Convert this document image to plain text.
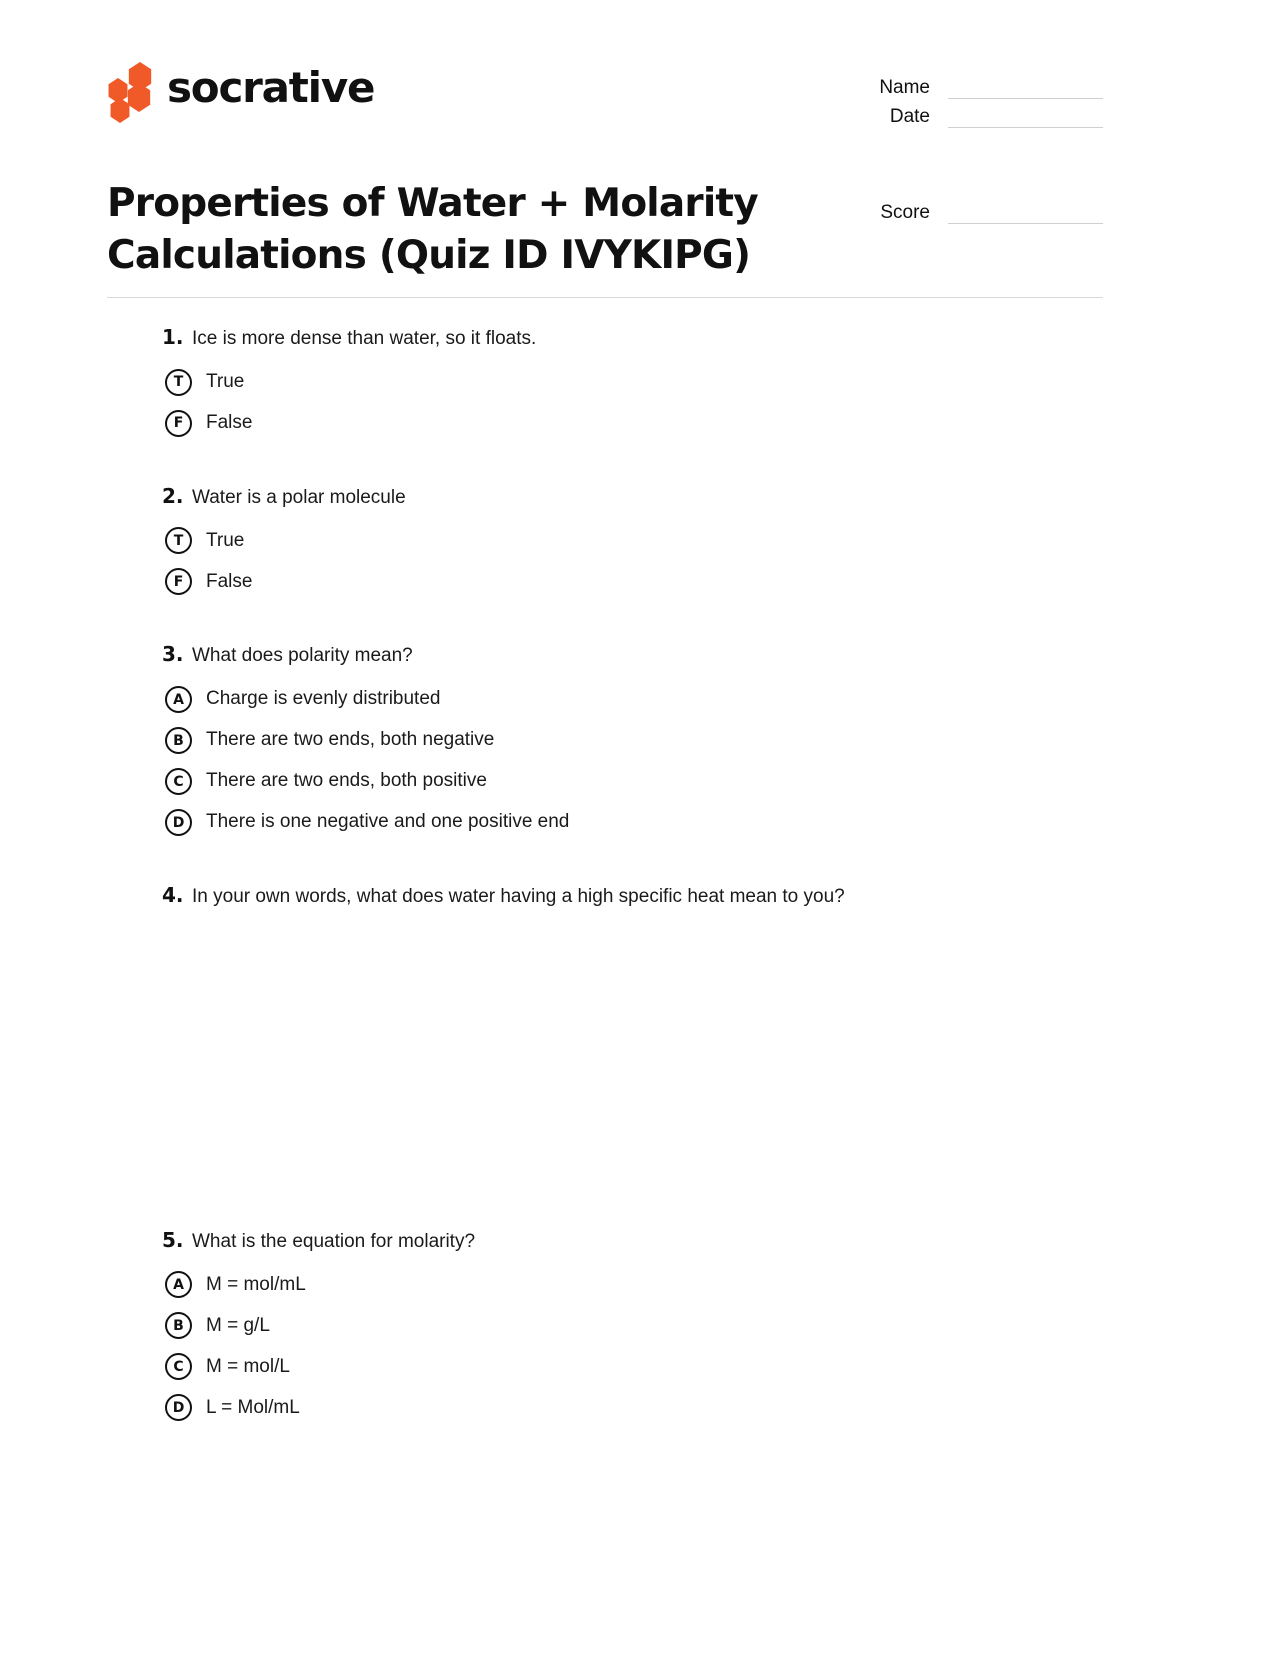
socrative	Name
Date
Score
Properties of Water + Molarity Calculations (Quiz ID IVYKIPG)
1. Ice is more dense than water, so it floats.
T	True
F	False
2. Water is a polar molecule
T	True
F	False
3. What does polarity mean?
A	Charge is evenly distributed
B	There are two ends, both negative
C	There are two ends, both positive
D	There is one negative and one positive end
4. In your own words, what does water having a high specific heat mean to you?
5. What is the equation for molarity?
A	M = mol/mL
B	M = g/L
C	M = mol/L
D	L = Mol/mL
